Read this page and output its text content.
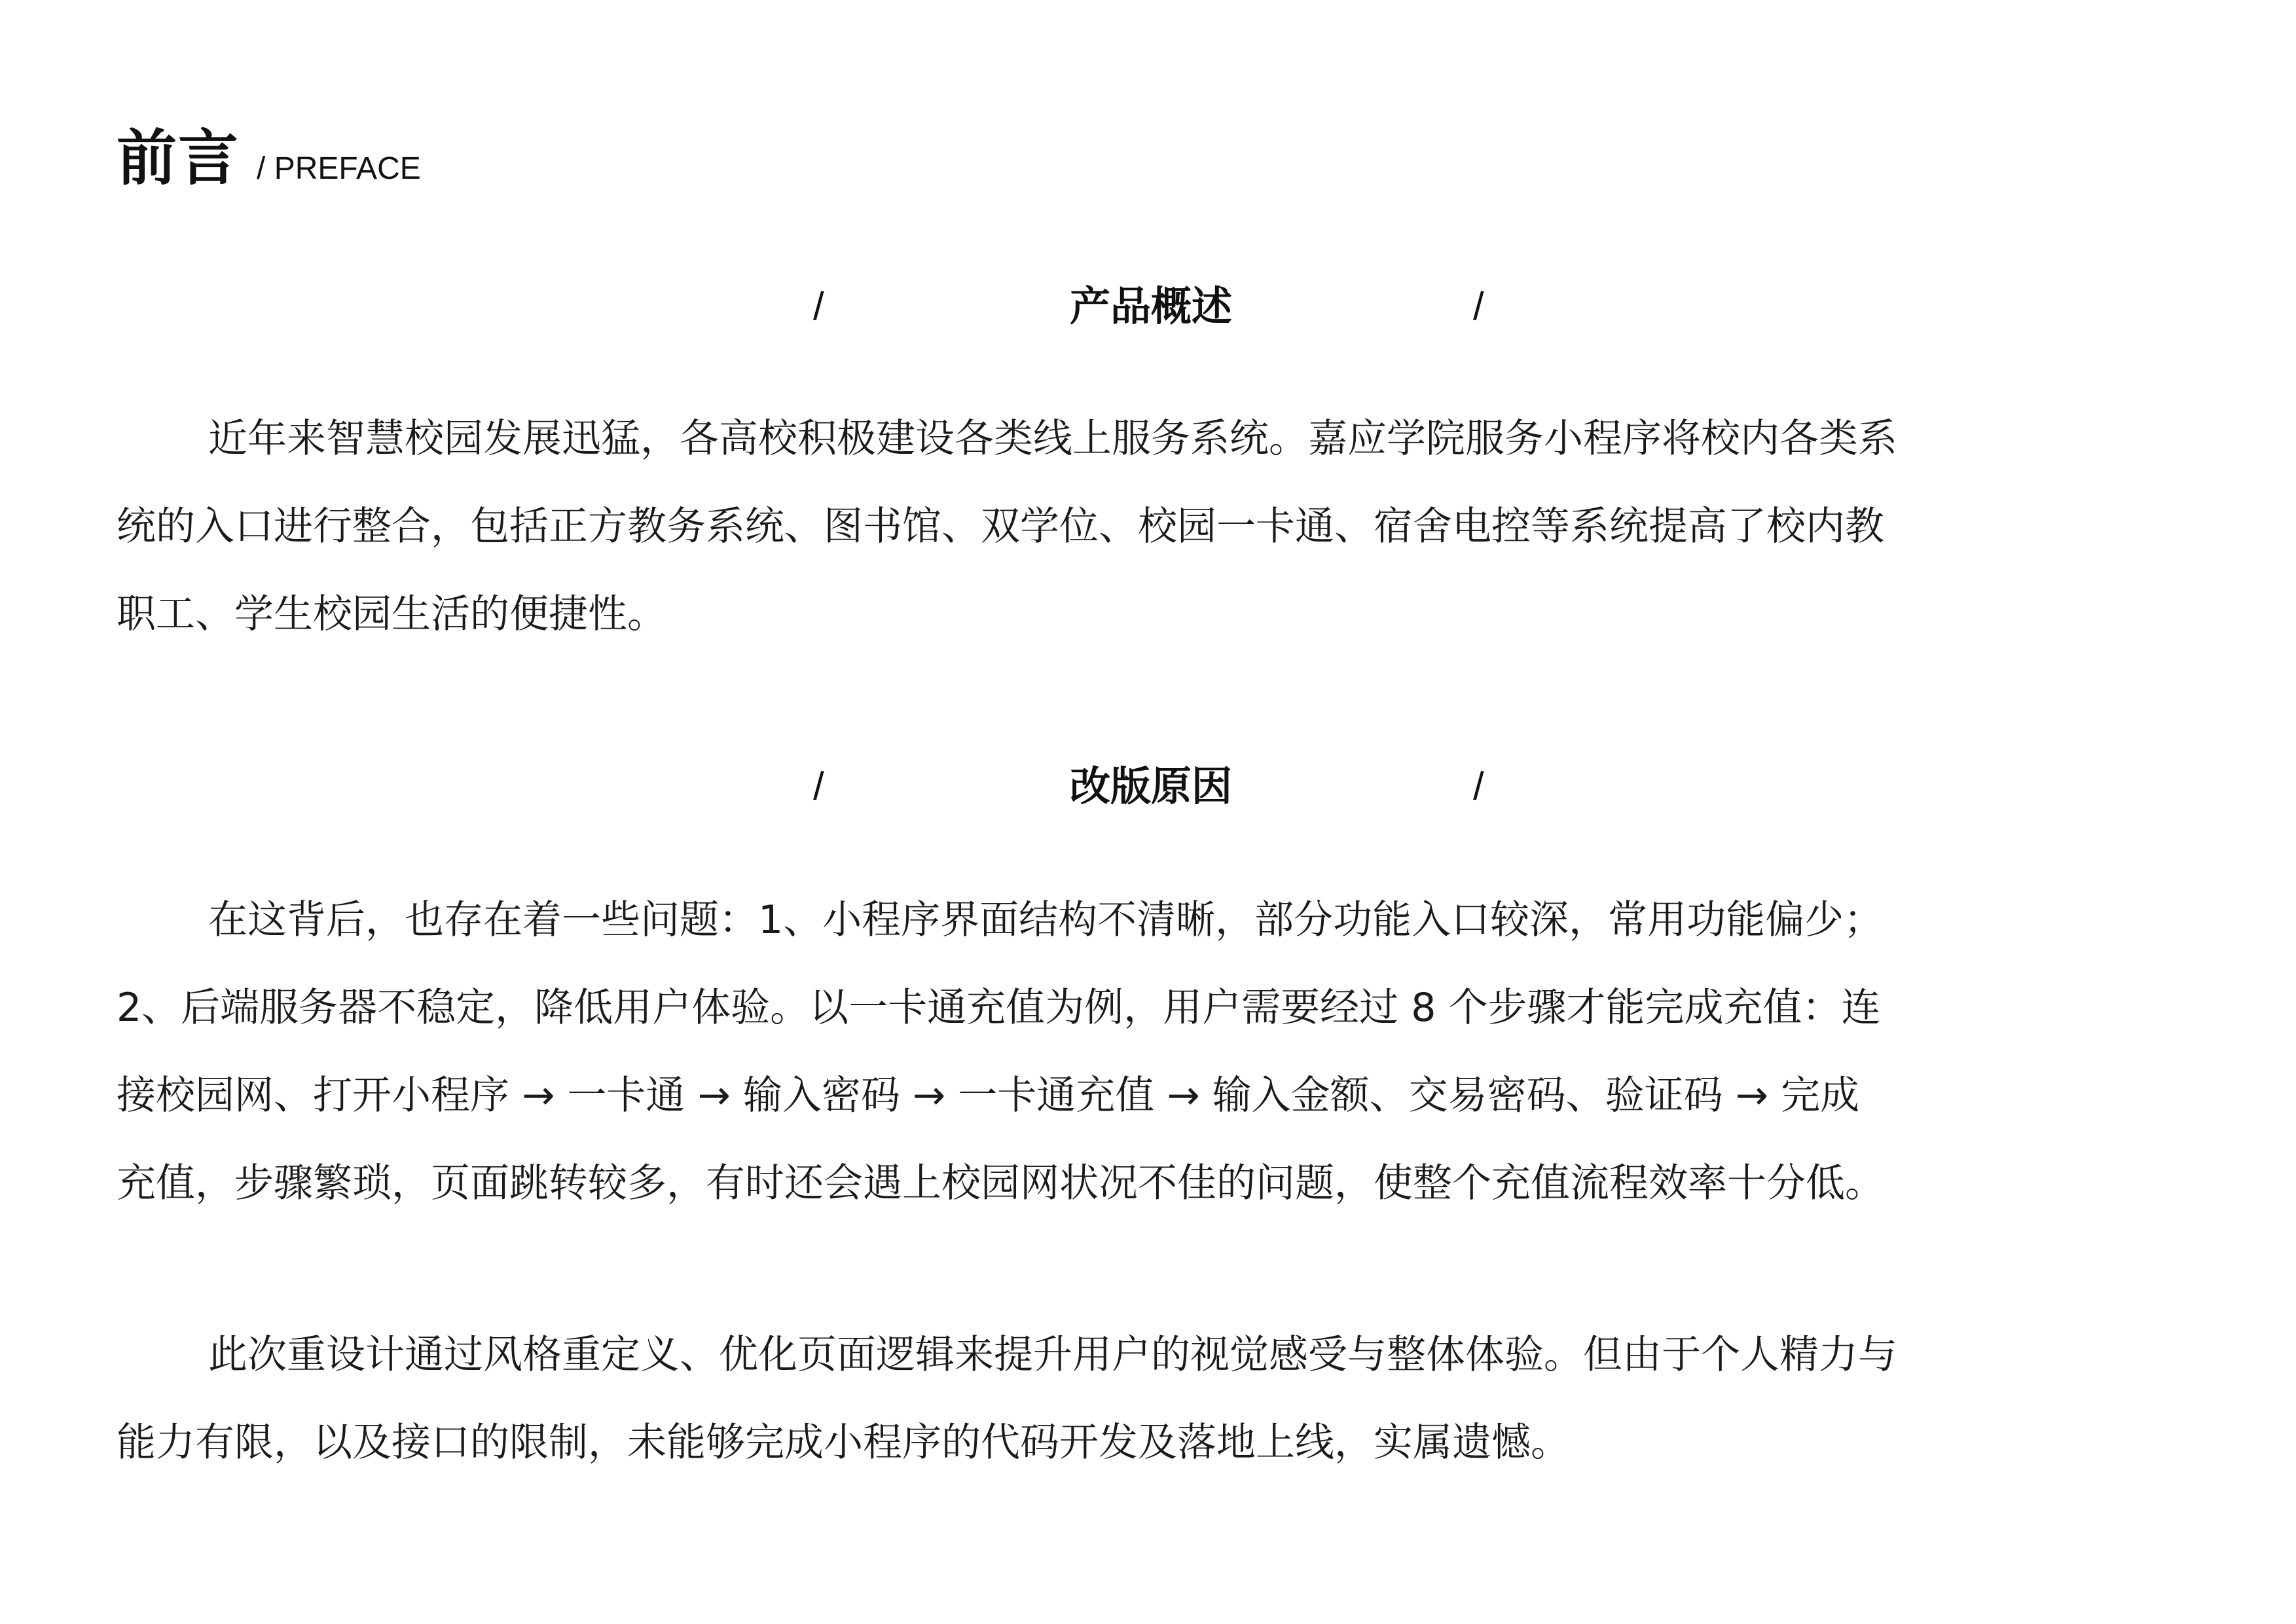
前言 / PREFACE
/	产品概述	/

近年来智慧校园发展迅猛，各高校积极建设各类线上服务系统。嘉应学院服务小程序将校内各类系
统的入口进行整合，包括正方教务系统、图书馆、双学位、校园一卡通、宿舍电控等系统提高了校内教
职工、学生校园生活的便捷性。

/	改版原因	/

在这背后，也存在着一些问题：1、小程序界面结构不清晰，部分功能入口较深，常用功能偏少；
2、后端服务器不稳定，降低用户体验。以一卡通充值为例，用户需要经过 8 个步骤才能完成充值：连
接校园网、打开小程序 → 一卡通 → 输入密码 → 一卡通充值 → 输入金额、交易密码、验证码 → 完成
充值，步骤繁琐，页面跳转较多，有时还会遇上校园网状况不佳的问题，使整个充值流程效率十分低。

此次重设计通过风格重定义、优化页面逻辑来提升用户的视觉感受与整体体验。但由于个人精力与
能力有限，以及接口的限制，未能够完成小程序的代码开发及落地上线，实属遗憾。
